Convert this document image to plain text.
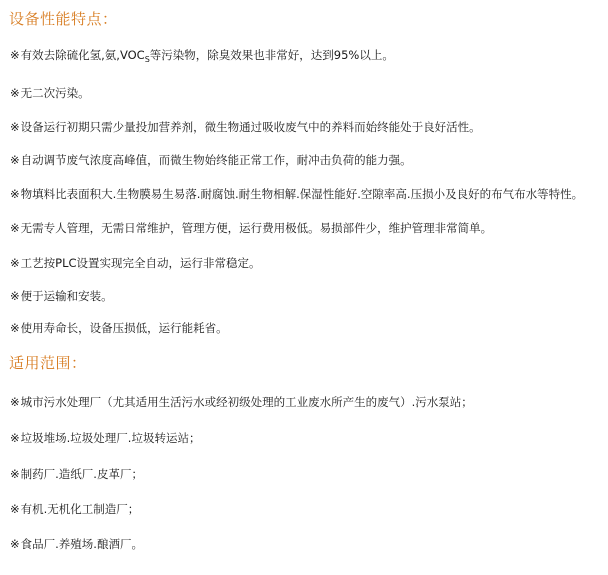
设备性能特点：
※有效去除硫化氢,氨$,VOC_S$等污染物，除臭效果也非常好，达到95%以上。
※无二次污染。
※设备运行初期只需少量投加营养剂，微生物通过吸收废气中的养料而始终能处于良好活性。
※自动调节废气浓度高峰值，而微生物始终能正常工作，耐冲击负荷的能力强。
※物填料比表面积大.生物膜易生易落.耐腐蚀.耐生物相解.保湿性能好.空隙率高.压损小及良好的布气布水等特性。
※无需专人管理，无需日常维护，管理方便，运行费用极低。易损部件少，维护管理非常简单。
※工艺按PLC设置实现完全自动，运行非常稳定。
※便于运输和安装。
※使用寿命长，设备压损低，运行能耗省。
适用范围：
※城市污水处理厂（尤其适用生活污水或经初级处理的工业废水所产生的废气）.污水泵站；
※垃圾堆场.垃圾处理厂.垃圾转运站；
※制药厂.造纸厂.皮革厂；
※有机.无机化工制造厂；
※食品厂.养殖场.酿酒厂。
